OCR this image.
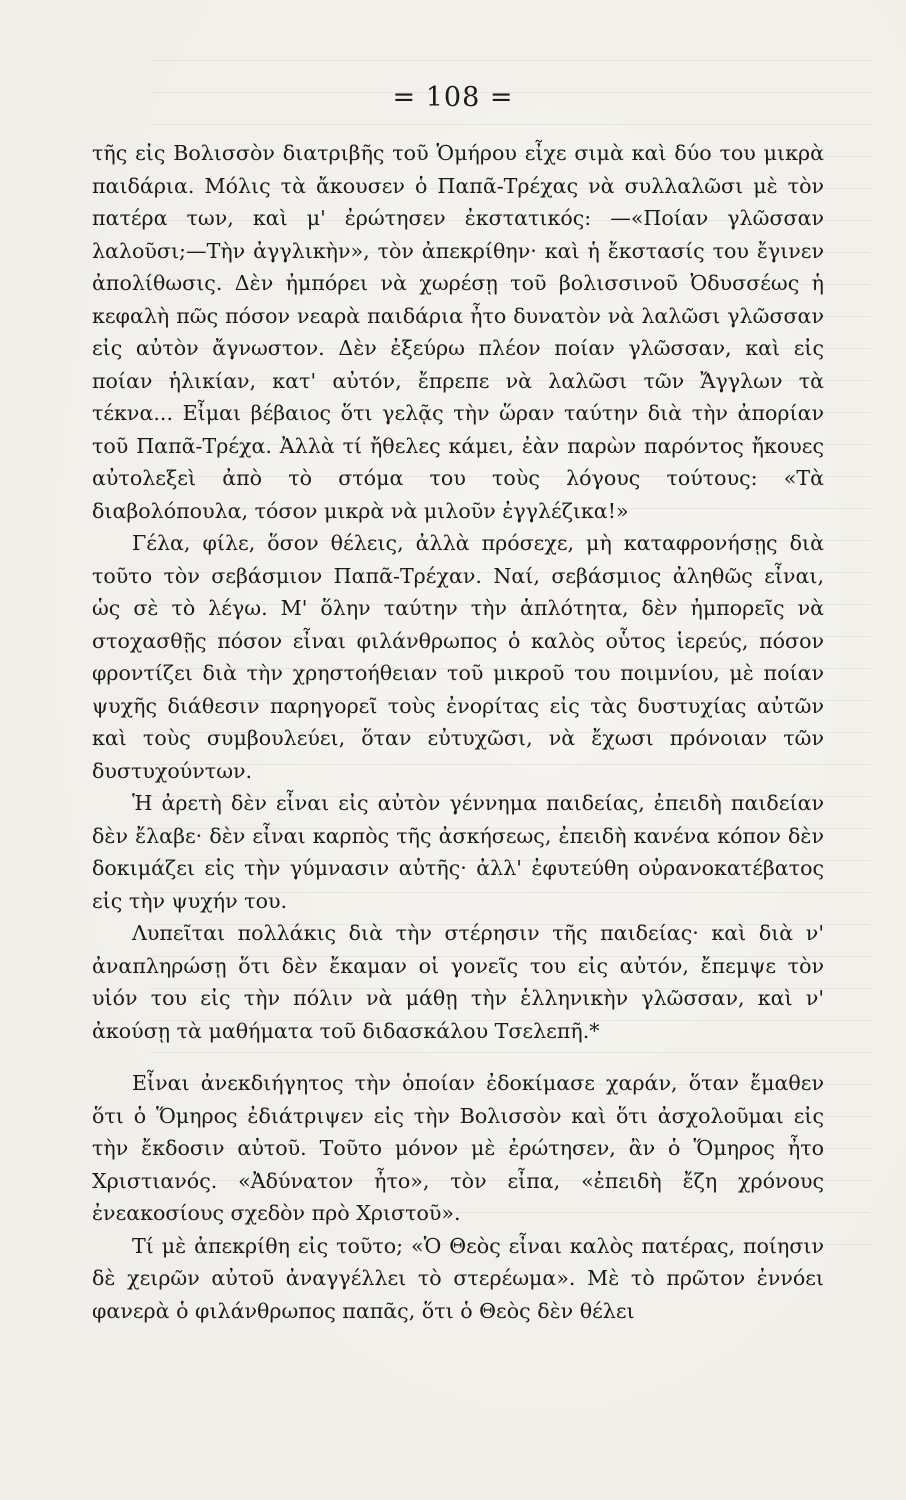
= 108 =

τῆς εἰς Βολισσὸν διατριβῆς τοῦ Ὁμήρου εἶχε σιμὰ καὶ δύο του μικρὰ παιδάρια. Μόλις τὰ ἄκουσεν ὁ Παπᾶ-Τρέχας νὰ συλλαλῶσι μὲ τὸν πατέρα των, καὶ μ' ἐρώτησεν ἐκστατικός: —«Ποίαν γλῶσσαν λαλοῦσι;—Τὴν ἀγγλικὴν», τὸν ἀπεκρίθην· καὶ ἡ ἔκστασίς του ἔγινεν ἀπολίθωσις. Δὲν ἠμπόρει νὰ χωρέσῃ τοῦ βολισσινοῦ Ὀδυσσέως ἡ κεφαλὴ πῶς πόσον νεαρὰ παιδάρια ἦτο δυνατὸν νὰ λαλῶσι γλῶσσαν εἰς αὐτὸν ἄγνωστον. Δὲν ἐξεύρω πλέον ποίαν γλῶσσαν, καὶ εἰς ποίαν ἡλικίαν, κατ' αὐτόν, ἔπρεπε νὰ λαλῶσι τῶν Ἄγγλων τὰ τέκνα... Εἶμαι βέβαιος ὅτι γελᾷς τὴν ὥραν ταύτην διὰ τὴν ἀπορίαν τοῦ Παπᾶ-Τρέχα. Ἀλλὰ τί ἤθελες κάμει, ἐὰν παρὼν παρόντος ἤκουες αὐτολεξεὶ ἀπὸ τὸ στόμα του τοὺς λόγους τούτους: «Τὰ διαβολόπουλα, τόσον μικρὰ νὰ μιλοῦν ἐγγλέζικα!»

Γέλα, φίλε, ὅσον θέλεις, ἀλλὰ πρόσεχε, μὴ καταφρονήσῃς διὰ τοῦτο τὸν σεβάσμιον Παπᾶ-Τρέχαν. Ναί, σεβάσμιος ἀληθῶς εἶναι, ὡς σὲ τὸ λέγω. Μ' ὅλην ταύτην τὴν ἁπλότητα, δὲν ἠμπορεῖς νὰ στοχασθῇς πόσον εἶναι φιλάνθρωπος ὁ καλὸς οὗτος ἱερεύς, πόσον φροντίζει διὰ τὴν χρηστοήθειαν τοῦ μικροῦ του ποιμνίου, μὲ ποίαν ψυχῆς διάθεσιν παρηγορεῖ τοὺς ἐνορίτας εἰς τὰς δυστυχίας αὐτῶν καὶ τοὺς συμβουλεύει, ὅταν εὐτυχῶσι, νὰ ἔχωσι πρόνοιαν τῶν δυστυχούντων.

Ἡ ἀρετὴ δὲν εἶναι εἰς αὐτὸν γέννημα παιδείας, ἐπειδὴ παιδείαν δὲν ἔλαβε· δὲν εἶναι καρπὸς τῆς ἀσκήσεως, ἐπειδὴ κανένα κόπον δὲν δοκιμάζει εἰς τὴν γύμνασιν αὐτῆς· ἀλλ' ἐφυτεύθη οὐρανοκατέβατος εἰς τὴν ψυχήν του.

Λυπεῖται πολλάκις διὰ τὴν στέρησιν τῆς παιδείας· καὶ διὰ ν' ἀναπληρώσῃ ὅτι δὲν ἔκαμαν οἱ γονεῖς του εἰς αὐτόν, ἔπεμψε τὸν υἱόν του εἰς τὴν πόλιν νὰ μάθῃ τὴν ἑλληνικὴν γλῶσσαν, καὶ ν' ἀκούσῃ τὰ μαθήματα τοῦ διδασκάλου Τσελεπῆ.*

Εἶναι ἀνεκδιήγητος τὴν ὁποίαν ἐδοκίμασε χαράν, ὅταν ἔμαθεν ὅτι ὁ Ὅμηρος ἐδιάτριψεν εἰς τὴν Βολισσὸν καὶ ὅτι ἀσχολοῦμαι εἰς τὴν ἔκδοσιν αὐτοῦ. Τοῦτο μόνον μὲ ἐρώτησεν, ἂν ὁ Ὅμηρος ἦτο Χριστιανός. «Ἀδύνατον ἦτο», τὸν εἶπα, «ἐπειδὴ ἔζη χρόνους ἐνεακοσίους σχεδὸν πρὸ Χριστοῦ».

Τί μὲ ἀπεκρίθη εἰς τοῦτο; «Ὁ Θεὸς εἶναι καλὸς πατέρας, ποίησιν δὲ χειρῶν αὐτοῦ ἀναγγέλλει τὸ στερέωμα». Μὲ τὸ πρῶτον ἐννόει φανερὰ ὁ φιλάνθρωπος παπᾶς, ὅτι ὁ Θεὸς δὲν θέλει
